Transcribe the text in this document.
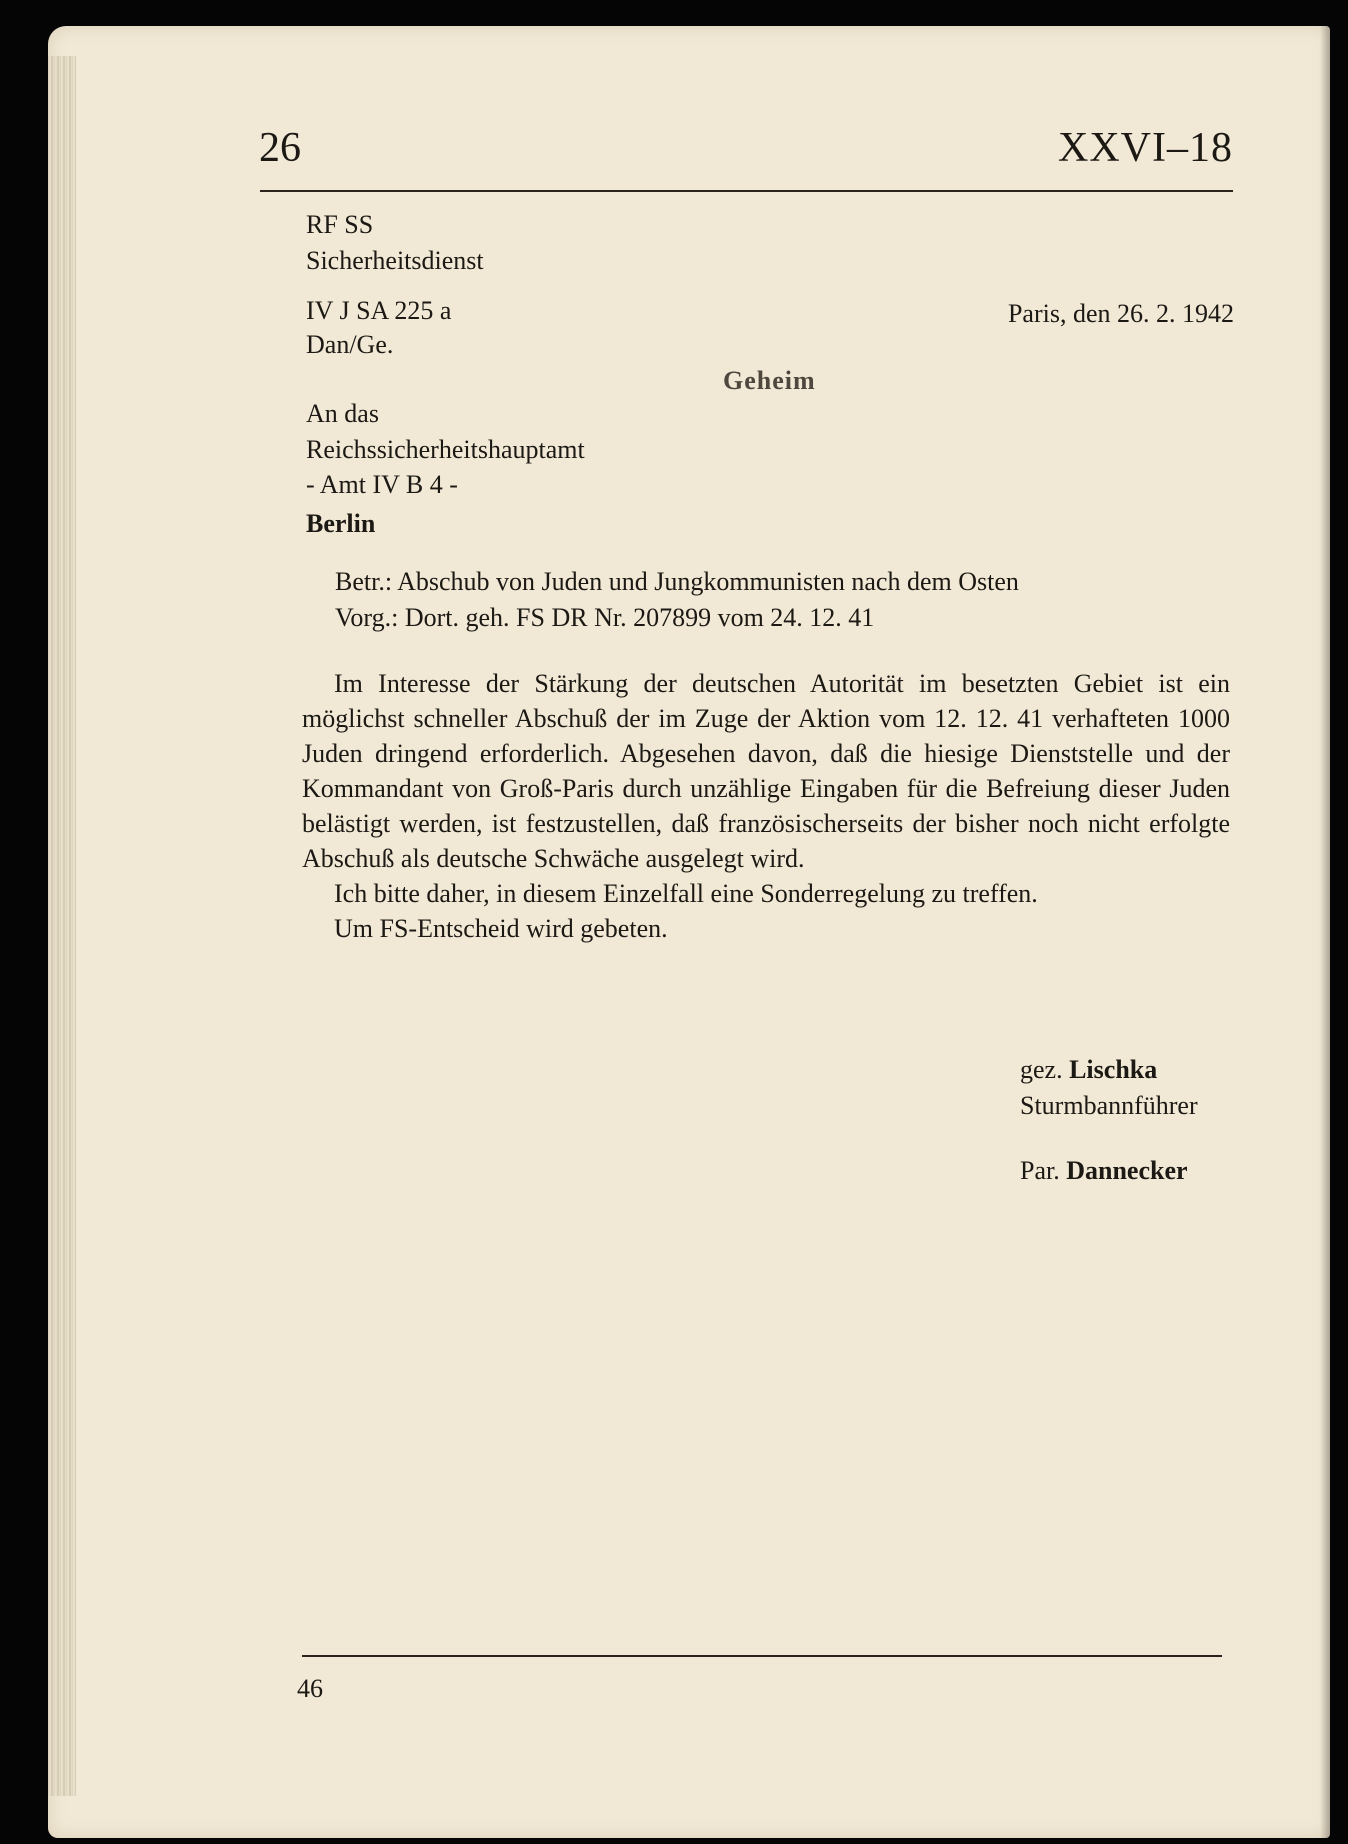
26	XXVI–18
RF SS
Sicherheitsdienst
IV J SA 225 a
Dan/Ge.
Paris, den 26. 2. 1942
Geheim
An das
Reichssicherheitshauptamt
- Amt IV B 4 -
Berlin
Betr.: Abschub von Juden und Jungkommunisten nach dem Osten
Vorg.: Dort. geh. FS DR Nr. 207899 vom 24. 12. 41

Im Interesse der Stärkung der deutschen Autorität im besetzten Gebiet ist ein möglichst schneller Abschuß der im Zuge der Aktion vom 12. 12. 41 verhafteten 1000 Juden dringend erforderlich. Abgesehen davon, daß die hiesige Dienststelle und der Kommandant von Groß-Paris durch unzählige Eingaben für die Befreiung dieser Juden belästigt werden, ist festzustellen, daß französischerseits der bisher noch nicht erfolgte Abschuß als deutsche Schwäche ausgelegt wird.

Ich bitte daher, in diesem Einzelfall eine Sonderregelung zu treffen.

Um FS-Entscheid wird gebeten.

gez. Lischka
Sturmbannführer
Par. Dannecker
46
